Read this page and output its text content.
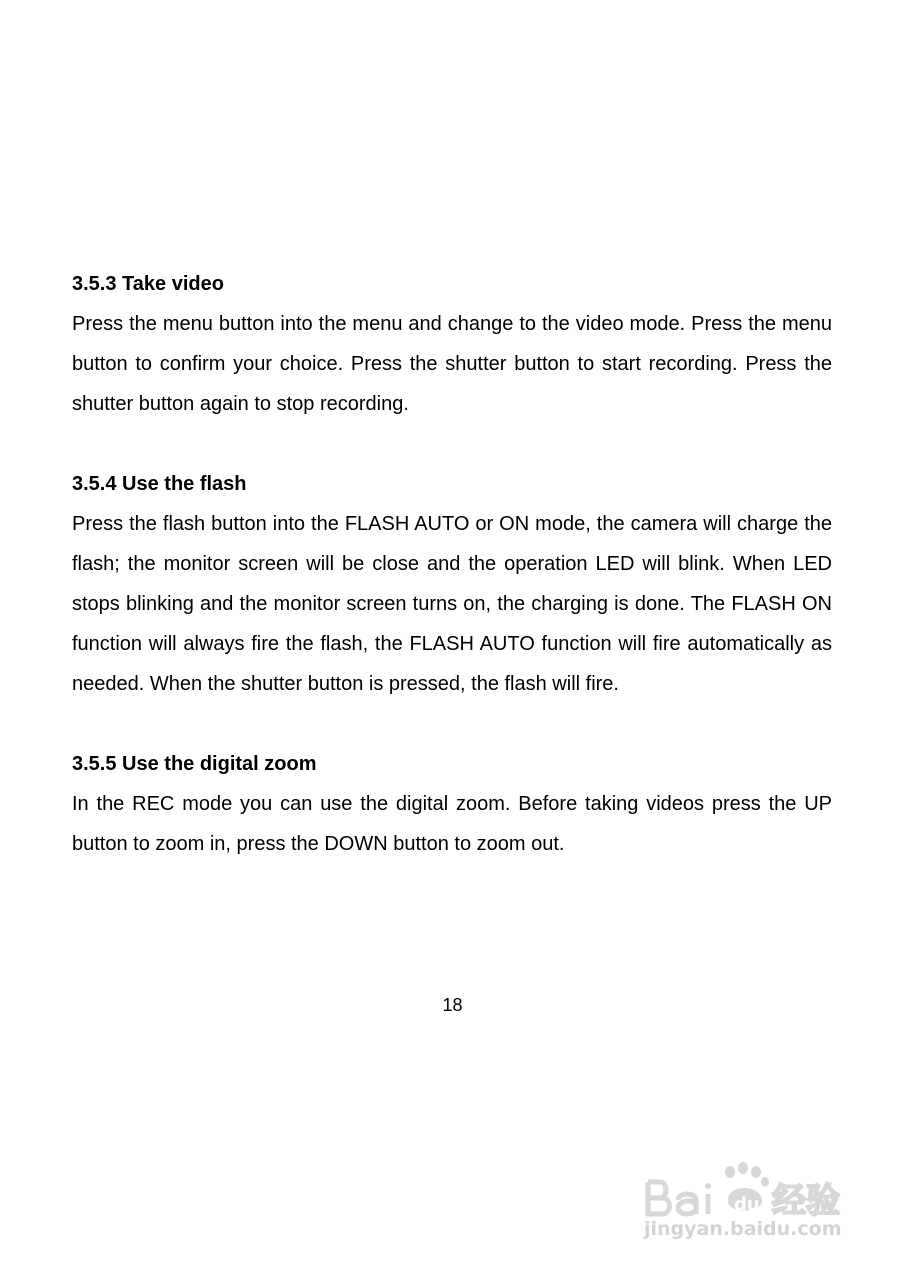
3.5.3 Take video

Press the menu button into the menu and change to the video mode. Press the menu button to confirm your choice. Press the shutter button to start recording. Press the shutter button again to stop recording.

3.5.4 Use the flash

Press the flash button into the FLASH AUTO or ON mode, the camera will charge the flash; the monitor screen will be close and the operation LED will blink. When LED stops blinking and the monitor screen turns on, the charging is done. The FLASH ON function will always fire the flash, the FLASH AUTO function will fire automatically as needed. When the shutter button is pressed, the flash will fire.

3.5.5 Use the digital zoom

In the REC mode you can use the digital zoom. Before taking videos press the UP button to zoom in, press the DOWN button to zoom out.

18
du 经验
jingyan.baidu.com
